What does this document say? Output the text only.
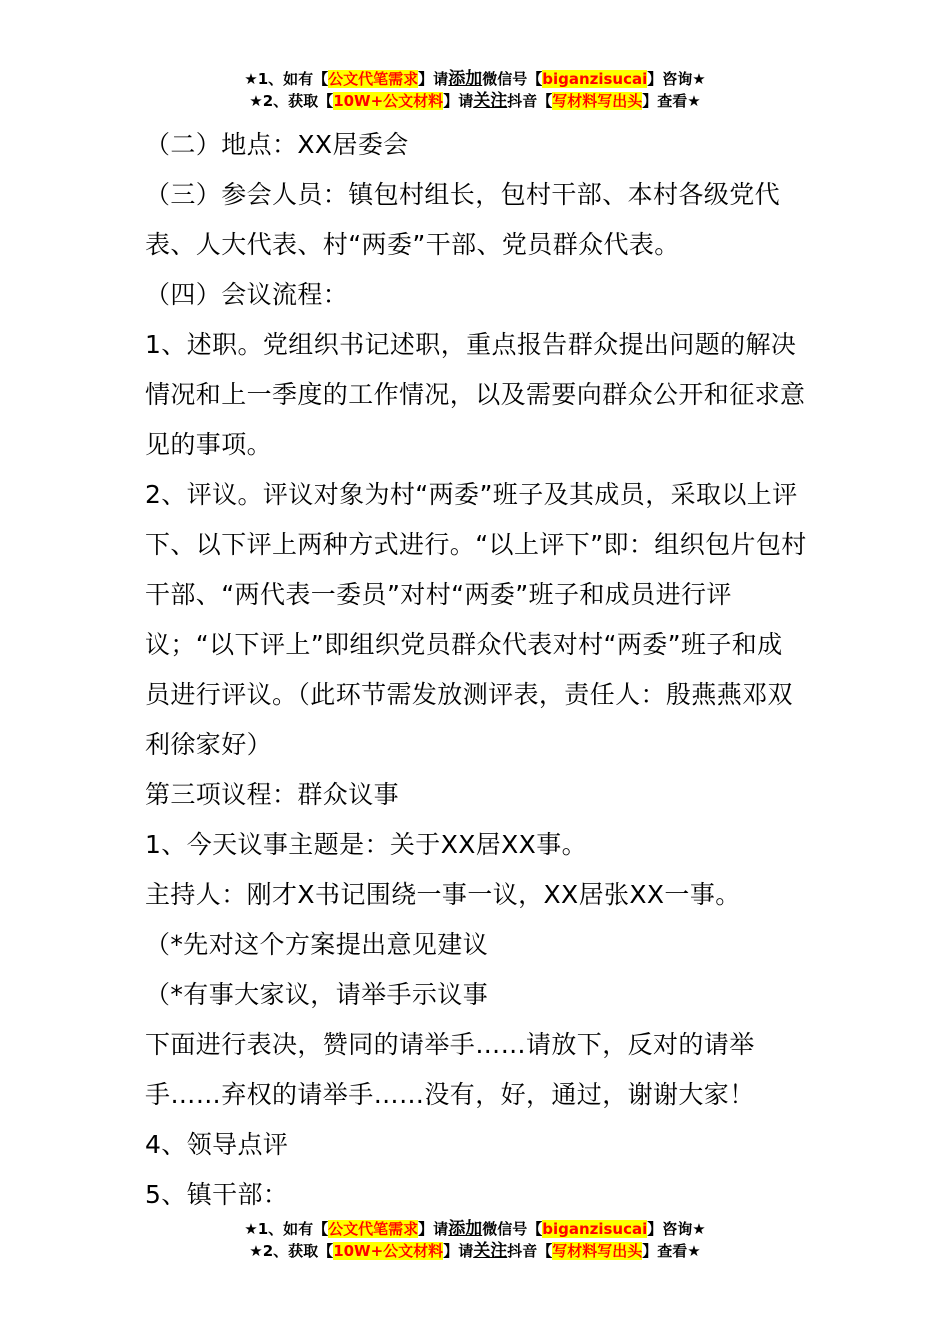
★1、如有【公文代笔需求】请添加微信号【biganzisucai】咨询★
★2、获取【10W+公文材料】请关注抖音【写材料写出头】查看★

（二）地点：XX居委会

（三）参会人员：镇包村组长，包村干部、本村各级党代表、人大代表、村“两委”干部、党员群众代表。

（四）会议流程：

1、述职。党组织书记述职，重点报告群众提出问题的解决情况和上一季度的工作情况，以及需要向群众公开和征求意见的事项。

2、评议。评议对象为村“两委”班子及其成员，采取以上评下、以下评上两种方式进行。“以上评下”即：组织包片包村干部、“两代表一委员”对村“两委”班子和成员进行评议；“以下评上”即组织党员群众代表对村“两委”班子和成员进行评议。（此环节需发放测评表，责任人：殷燕燕邓双利徐家好）

第三项议程：群众议事

1、今天议事主题是：关于XX居XX事。

主持人：刚才X书记围绕一事一议，XX居张XX一事。

（*先对这个方案提出意见建议

（*有事大家议，请举手示议事

下面进行表决，赞同的请举手……请放下，反对的请举手……弃权的请举手……没有，好，通过，谢谢大家！

4、领导点评

5、镇干部：

★1、如有【公文代笔需求】请添加微信号【biganzisucai】咨询★
★2、获取【10W+公文材料】请关注抖音【写材料写出头】查看★
